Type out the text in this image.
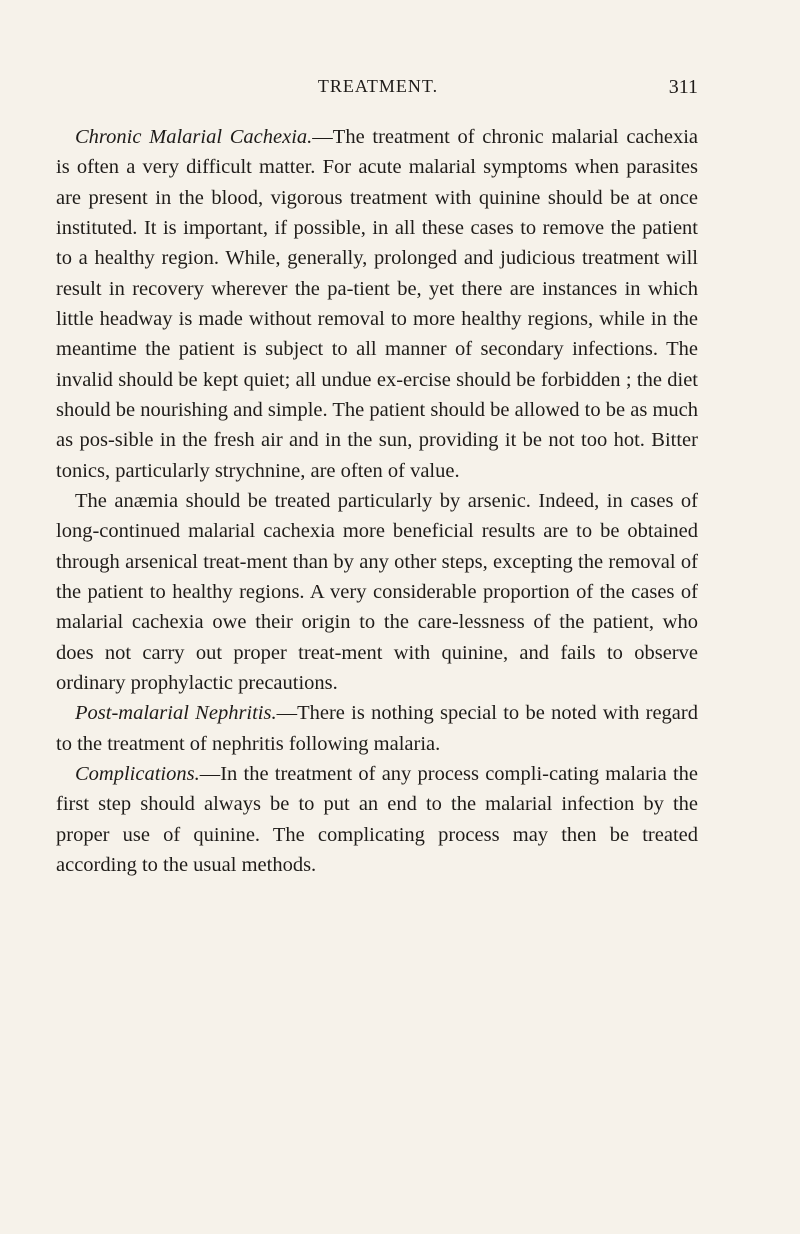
TREATMENT.	311

Chronic Malarial Cachexia.—The treatment of chronic malarial cachexia is often a very difficult matter. For acute malarial symptoms when parasites are present in the blood, vigorous treatment with quinine should be at once instituted. It is important, if possible, in all these cases to remove the patient to a healthy region. While, generally, prolonged and judicious treatment will result in recovery wherever the pa-tient be, yet there are instances in which little headway is made without removal to more healthy regions, while in the meantime the patient is subject to all manner of secondary infections. The invalid should be kept quiet; all undue ex-ercise should be forbidden ; the diet should be nourishing and simple. The patient should be allowed to be as much as pos-sible in the fresh air and in the sun, providing it be not too hot. Bitter tonics, particularly strychnine, are often of value.

The anæmia should be treated particularly by arsenic. Indeed, in cases of long-continued malarial cachexia more beneficial results are to be obtained through arsenical treat-ment than by any other steps, excepting the removal of the patient to healthy regions. A very considerable proportion of the cases of malarial cachexia owe their origin to the care-lessness of the patient, who does not carry out proper treat-ment with quinine, and fails to observe ordinary prophylactic precautions.

Post-malarial Nephritis.—There is nothing special to be noted with regard to the treatment of nephritis following malaria.

Complications.—In the treatment of any process compli-cating malaria the first step should always be to put an end to the malarial infection by the proper use of quinine. The complicating process may then be treated according to the usual methods.
